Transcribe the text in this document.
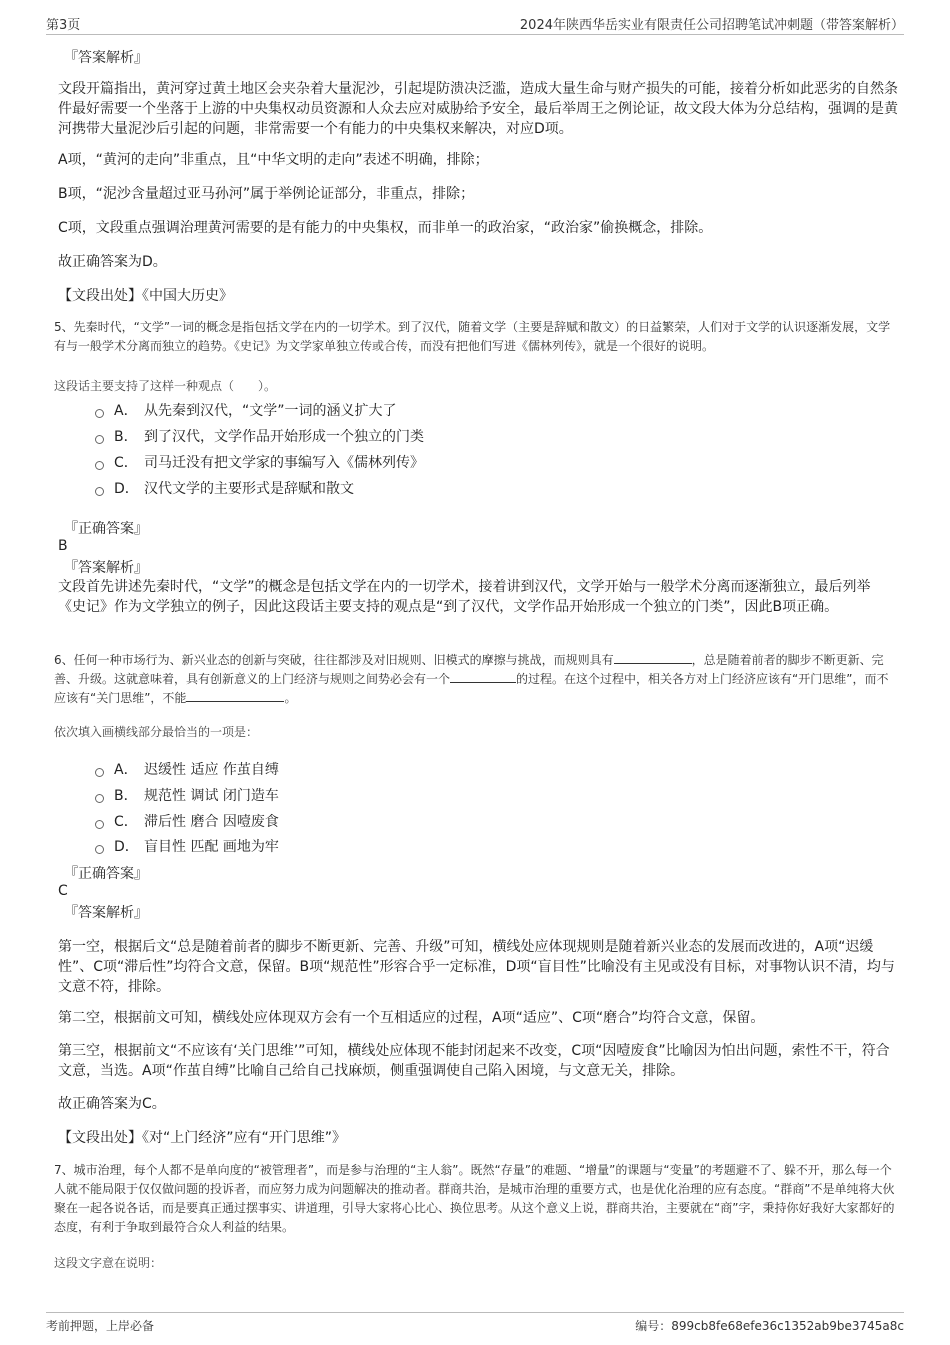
第3页	2024年陕西华岳实业有限责任公司招聘笔试冲刺题（带答案解析）
『答案解析』
文段开篇指出，黄河穿过黄土地区会夹杂着大量泥沙，引起堤防溃决泛滥，造成大量生命与财产损失的可能，接着分析如此恶劣的自然条件最好需要一个坐落于上游的中央集权动员资源和人众去应对威胁给予安全，最后举周王之例论证，故文段大体为分总结构，强调的是黄河携带大量泥沙后引起的问题，非常需要一个有能力的中央集权来解决，对应D项。
A项，“黄河的走向”非重点，且“中华文明的走向”表述不明确，排除；
B项，“泥沙含量超过亚马孙河”属于举例论证部分，非重点，排除；
C项，文段重点强调治理黄河需要的是有能力的中央集权，而非单一的政治家，“政治家”偷换概念，排除。
故正确答案为D。
【文段出处】《中国大历史》
5、先秦时代，“文学”一词的概念是指包括文学在内的一切学术。到了汉代，随着文学（主要是辞赋和散文）的日益繁荣，人们对于文学的认识逐渐发展，文学有与一般学术分离而独立的趋势。《史记》为文学家单独立传或合传，而没有把他们写进《儒林列传》，就是一个很好的说明。
这段话主要支持了这样一种观点（　　）。
A． 从先秦到汉代，“文学”一词的涵义扩大了
B． 到了汉代，文学作品开始形成一个独立的门类
C． 司马迁没有把文学家的事编写入《儒林列传》
D． 汉代文学的主要形式是辞赋和散文
『正确答案』
B
『答案解析』
文段首先讲述先秦时代，“文学”的概念是包括文学在内的一切学术，接着讲到汉代，文学开始与一般学术分离而逐渐独立，最后列举《史记》作为文学独立的例子，因此这段话主要支持的观点是“到了汉代，文学作品开始形成一个独立的门类”，因此B项正确。
6、任何一种市场行为、新兴业态的创新与突破，往往都涉及对旧规则、旧模式的摩擦与挑战，而规则具有	，总是随着前者的脚步不断更新、完善、升级。这就意味着，具有创新意义的上门经济与规则之间势必会有一个	的过程。在这个过程中，相关各方对上门经济应该有“开门思维”，而不应该有“关门思维”，不能	。
依次填入画横线部分最恰当的一项是：
A． 迟缓性 适应 作茧自缚
B． 规范性 调试 闭门造车
C． 滞后性 磨合 因噎废食
D． 盲目性 匹配 画地为牢
『正确答案』
C
『答案解析』
第一空，根据后文“总是随着前者的脚步不断更新、完善、升级”可知，横线处应体现规则是随着新兴业态的发展而改进的，A项“迟缓性”、C项“滞后性”均符合文意，保留。B项“规范性”形容合乎一定标准，D项“盲目性”比喻没有主见或没有目标，对事物认识不清，均与文意不符，排除。
第二空，根据前文可知，横线处应体现双方会有一个互相适应的过程，A项“适应”、C项“磨合”均符合文意，保留。
第三空，根据前文“不应该有‘关门思维’”可知，横线处应体现不能封闭起来不改变，C项“因噎废食”比喻因为怕出问题，索性不干，符合文意，当选。A项“作茧自缚”比喻自己给自己找麻烦，侧重强调使自己陷入困境，与文意无关，排除。
故正确答案为C。
【文段出处】《对“上门经济”应有“开门思维”》
7、城市治理，每个人都不是单向度的“被管理者”，而是参与治理的“主人翁”。既然“存量”的难题、“增量”的课题与“变量”的考题避不了、躲不开，那么每一个人就不能局限于仅仅做问题的投诉者，而应努力成为问题解决的推动者。群商共治，是城市治理的重要方式，也是优化治理的应有态度。“群商”不是单纯将大伙聚在一起各说各话，而是要真正通过摆事实、讲道理，引导大家将心比心、换位思考。从这个意义上说，群商共治，主要就在“商”字，秉持你好我好大家都好的态度，有利于争取到最符合众人利益的结果。
这段文字意在说明：
考前押题，上岸必备	编号：899cb8fe68efe36c1352ab9be3745a8c
